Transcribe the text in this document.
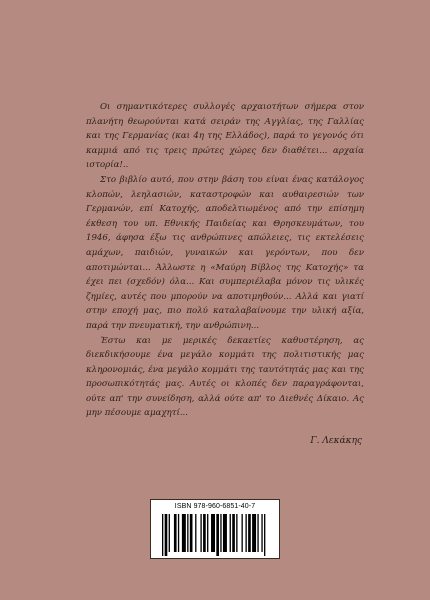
Οι σημαντικότερες συλλογές αρχαιοτήτων σήμερα στον πλανήτη θεωρούνται κατά σειράν της Αγγλίας, της Γαλλίας και της Γερμανίας (και 4η της Ελλάδος), παρά το γεγονός ότι καμμιά από τις τρεις πρώτες χώρες δεν διαθέτει... αρχαία ιστορία!..

Στο βιβλίο αυτό, που στην βάση του είναι ένας κατάλογος κλοπών, λεηλασιών, καταστροφών και αυθαιρεσιών των Γερμανών, επί Κατοχής, αποδελτιωμένος από την επίσημη έκθεση του υπ. Εθνικής Παιδείας και Θρησκευμάτων, του 1946, άφησα έξω τις ανθρώπινες απώλειες, τις εκτελέσεις αμάχων, παιδιών, γυναικών και γερόντων, που δεν αποτιμώνται... Άλλωστε η «Μαύρη Βίβλος της Κατοχής» τα έχει πει (σχεδόν) όλα... Και συμπεριέλαβα μόνον τις υλικές ζημίες, αυτές που μπορούν να αποτιμηθούν... Αλλά και γιατί στην εποχή μας, πιο πολύ καταλαβαίνουμε την υλική αξία, παρά την πνευματική, την ανθρώπινη...

Έστω και με μερικές δεκαετίες καθυστέρηση, ας διεκδικήσουμε ένα μεγάλο κομμάτι της πολιτιστικής μας κληρονομιάς, ένα μεγάλο κομμάτι της ταυτότητάς μας και της προσωπικότητάς μας. Αυτές οι κλοπές δεν παραγράφονται, ούτε απ' την συνείδηση, αλλά ούτε απ' το Διεθνές Δίκαιο. Ας μην πέσουμε αμαχητί...

Γ. Λεκάκης
ISBN 978-960-6851-40-7
